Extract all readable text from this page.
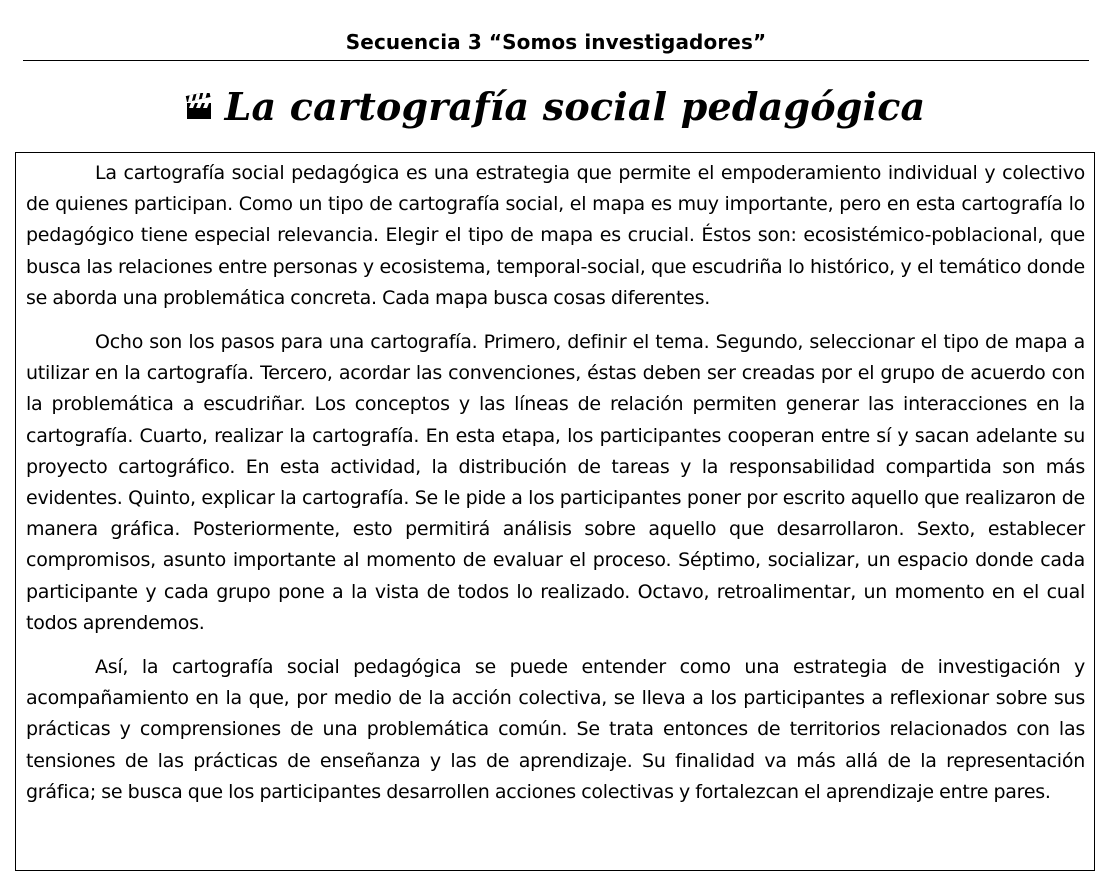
Secuencia 3 “Somos investigadores”
La cartografía social pedagógica

La cartografía social pedagógica es una estrategia que permite el empoderamiento individual y colectivo de quienes participan. Como un tipo de cartografía social, el mapa es muy importante, pero en esta cartografía lo pedagógico tiene especial relevancia. Elegir el tipo de mapa es crucial. Éstos son: ecosistémico-poblacional, que busca las relaciones entre personas y ecosistema, temporal-social, que escudriña lo histórico, y el temático donde se aborda una problemática concreta. Cada mapa busca cosas diferentes.

Ocho son los pasos para una cartografía. Primero, definir el tema. Segundo, seleccionar el tipo de mapa a utilizar en la cartografía. Tercero, acordar las convenciones, éstas deben ser creadas por el grupo de acuerdo con la problemática a escudriñar. Los conceptos y las líneas de relación permiten generar las interacciones en la cartografía. Cuarto, realizar la cartografía. En esta etapa, los participantes cooperan entre sí y sacan adelante su proyecto cartográfico. En esta actividad, la distribución de tareas y la responsabilidad compartida son más evidentes. Quinto, explicar la cartografía. Se le pide a los participantes poner por escrito aquello que realizaron de manera gráfica. Posteriormente, esto permitirá análisis sobre aquello que desarrollaron. Sexto, establecer compromisos, asunto importante al momento de evaluar el proceso. Séptimo, socializar, un espacio donde cada participante y cada grupo pone a la vista de todos lo realizado. Octavo, retroalimentar, un momento en el cual todos aprendemos.

Así, la cartografía social pedagógica se puede entender como una estrategia de investigación y acompañamiento en la que, por medio de la acción colectiva, se lleva a los participantes a reflexionar sobre sus prácticas y comprensiones de una problemática común. Se trata entonces de territorios relacionados con las tensiones de las prácticas de enseñanza y las de aprendizaje. Su finalidad va más allá de la representación gráfica; se busca que los participantes desarrollen acciones colectivas y fortalezcan el aprendizaje entre pares.
